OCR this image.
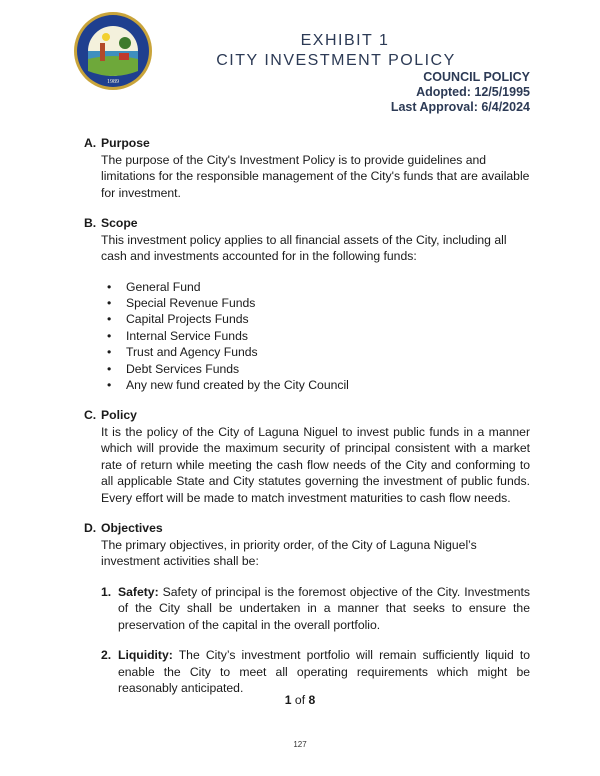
1989
EXHIBIT 1
CITY INVESTMENT POLICY
COUNCIL POLICY
Adopted: 12/5/1995
Last Approval: 6/4/2024
A. Purpose
The purpose of the City's Investment Policy is to provide guidelines and limitations for the responsible management of the City's funds that are available for investment.
B. Scope
This investment policy applies to all financial assets of the City, including all cash and investments accounted for in the following funds:
• General Fund
• Special Revenue Funds
• Capital Projects Funds
• Internal Service Funds
• Trust and Agency Funds
• Debt Services Funds
• Any new fund created by the City Council
C. Policy
It is the policy of the City of Laguna Niguel to invest public funds in a manner which will provide the maximum security of principal consistent with a market rate of return while meeting the cash flow needs of the City and conforming to all applicable State and City statutes governing the investment of public funds. Every effort will be made to match investment maturities to cash flow needs.
D. Objectives
The primary objectives, in priority order, of the City of Laguna Niguel’s investment activities shall be:
1. Safety: Safety of principal is the foremost objective of the City. Investments of the City shall be undertaken in a manner that seeks to ensure the preservation of the capital in the overall portfolio.
2. Liquidity: The City’s investment portfolio will remain sufficiently liquid to enable the City to meet all operating requirements which might be reasonably anticipated.
1 of 8
127
